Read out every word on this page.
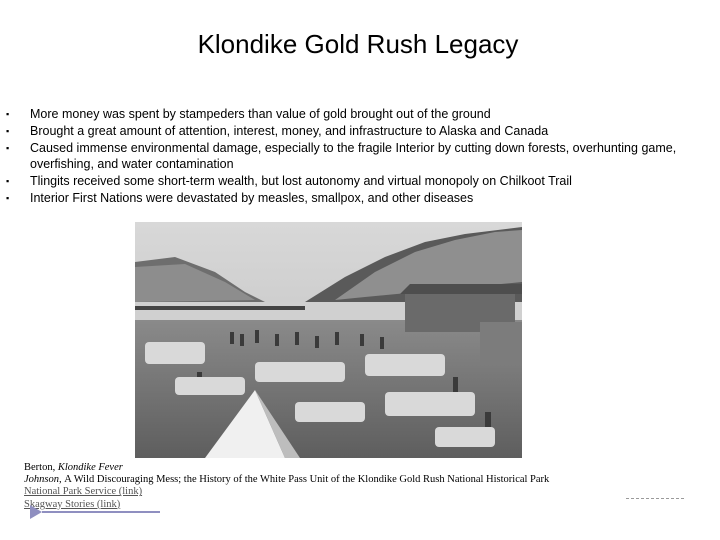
Klondike Gold Rush Legacy
▪ More money was spent by stampeders than value of gold brought out of the ground
▪ Brought a great amount of attention, interest, money, and infrastructure to Alaska and Canada
▪ Caused immense environmental damage, especially to the fragile Interior by cutting down forests, overhunting game, overfishing, and water contamination
▪ Tlingits received some short-term wealth, but lost autonomy and virtual monopoly on Chilkoot Trail
▪ Interior First Nations were devastated by measles, smallpox, and other diseases
Berton, Klondike Fever
Johnson, A Wild Discouraging Mess; the History of the White Pass Unit of the Klondike Gold Rush National Historical Park
National Park Service (link)
Skagway Stories (link)
